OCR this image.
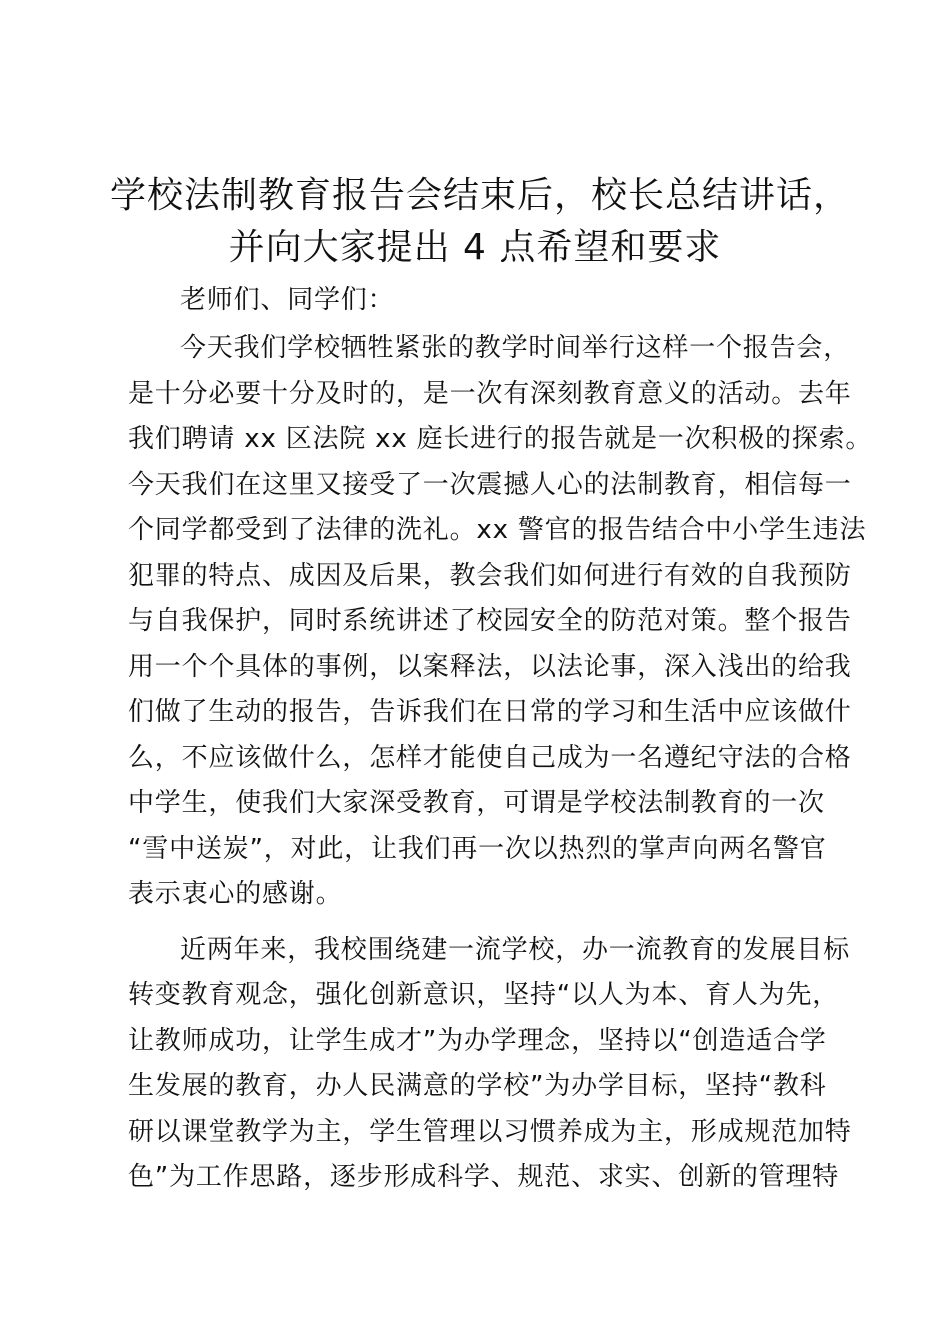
学校法制教育报告会结束后，校长总结讲话，
并向大家提出 4 点希望和要求

老师们、同学们：

今天我们学校牺牲紧张的教学时间举行这样一个报告会，
是十分必要十分及时的，是一次有深刻教育意义的活动。去年
我们聘请 xx 区法院 xx 庭长进行的报告就是一次积极的探索。
今天我们在这里又接受了一次震撼人心的法制教育，相信每一
个同学都受到了法律的洗礼。xx 警官的报告结合中小学生违法
犯罪的特点、成因及后果，教会我们如何进行有效的自我预防
与自我保护，同时系统讲述了校园安全的防范对策。整个报告
用一个个具体的事例，以案释法，以法论事，深入浅出的给我
们做了生动的报告，告诉我们在日常的学习和生活中应该做什
么，不应该做什么，怎样才能使自己成为一名遵纪守法的合格
中学生，使我们大家深受教育，可谓是学校法制教育的一次
“雪中送炭”，对此，让我们再一次以热烈的掌声向两名警官
表示衷心的感谢。
近两年来，我校围绕建一流学校，办一流教育的发展目标
转变教育观念，强化创新意识，坚持“以人为本、育人为先，
让教师成功，让学生成才”为办学理念，坚持以“创造适合学
生发展的教育，办人民满意的学校”为办学目标，坚持“教科
研以课堂教学为主，学生管理以习惯养成为主，形成规范加特
色”为工作思路，逐步形成科学、规范、求实、创新的管理特
